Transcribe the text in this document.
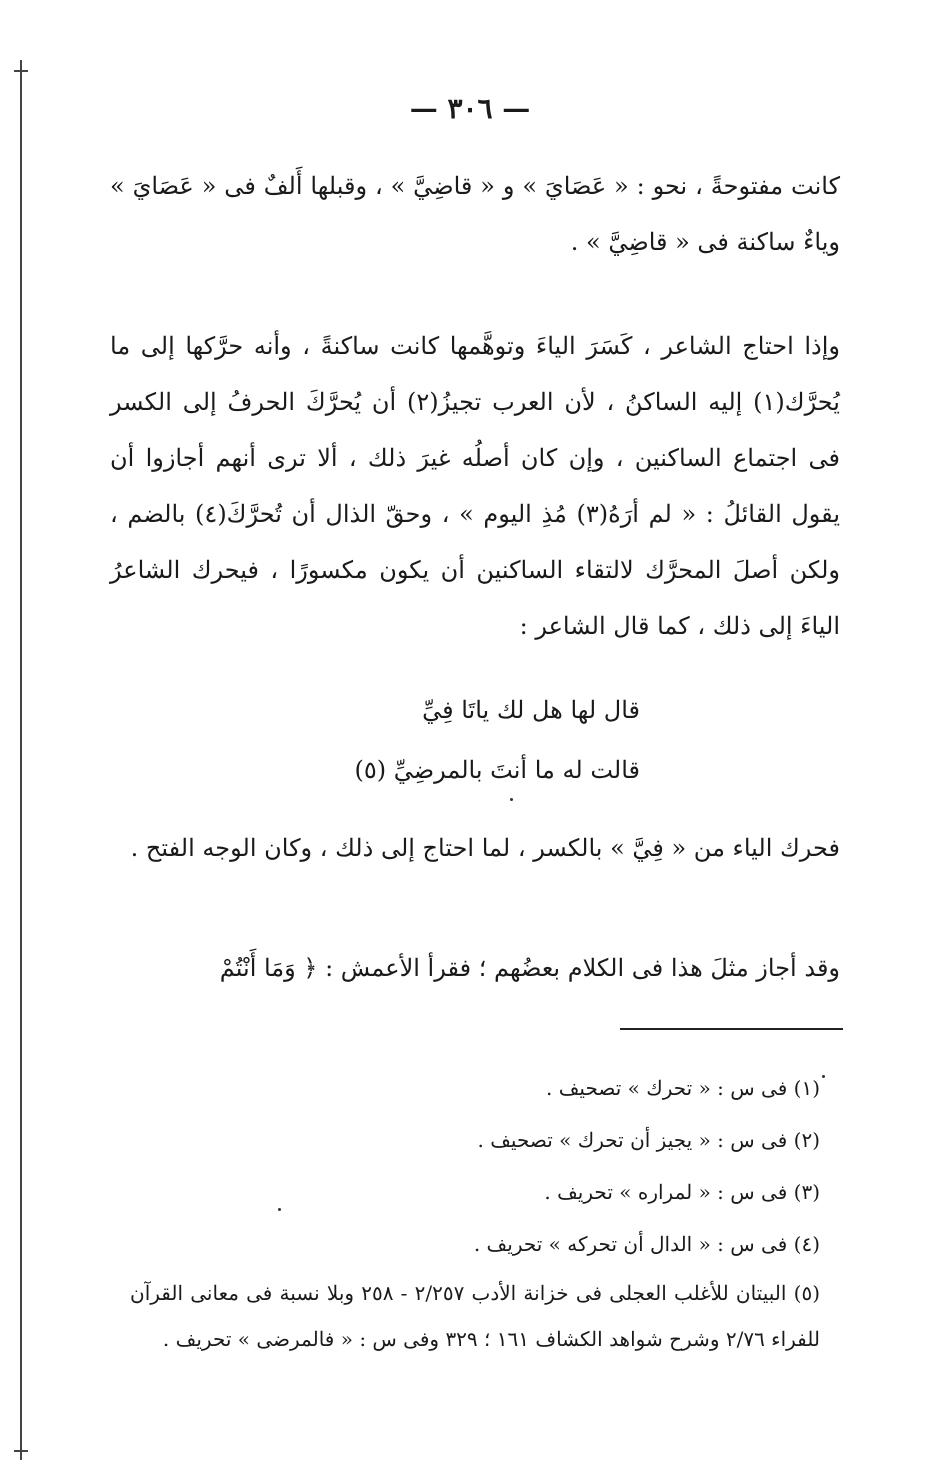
— ٣٠٦ —

كانت مفتوحةً ، نحو : « عَصَايَ » و « قاضِيَّ » ، وقبلها أَلفٌ فى « عَصَايَ » وياءٌ ساكنة فى « قاضِيَّ » .

وإذا احتاج الشاعر ، كَسَرَ الياءَ وتوهَّمها كانت ساكنةً ، وأنه حرَّكها إلى ما يُحرَّك(١) إليه الساكنُ ، لأن العرب تجيزُ(٢) أن يُحرَّكَ الحرفُ إلى الكسر فى اجتماع الساكنين ، وإن كان أصلُه غيرَ ذلك ، ألا ترى أنهم أجازوا أن يقول القائلُ : « لم أرَهُ(٣) مُذِ اليوم » ، وحقّ الذال أن تُحرَّكَ(٤) بالضم ، ولكن أصلَ المحرَّك لالتقاء الساكنين أن يكون مكسورًا ، فيحرك الشاعرُ الياءَ إلى ذلك ، كما قال الشاعر :

قال لها هل لك ياتَا فِيِّ
قالت له ما أنتَ بالمرضِيِّ (٥)

فحرك الياء من « فِيَّ » بالكسر ، لما احتاج إلى ذلك ، وكان الوجه الفتح .

وقد أجاز مثلَ هذا فى الكلام بعضُهم ؛ فقرأ الأعمش : ﴿ وَمَا أَنْتُمْ

(١) فى س : « تحرك » تصحيف .
(٢) فى س : « يجيز أن تحرك » تصحيف .
(٣) فى س : « لمراره » تحريف .
(٤) فى س : « الدال أن تحركه » تحريف .
(٥) البيتان للأغلب العجلى فى خزانة الأدب ٢/٢٥٧ - ٢٥٨ وبلا نسبة فى معانى القرآن للفراء ٢/٧٦ وشرح شواهد الكشاف ١٦١ ؛ ٣٢٩ وفى س : « فالمرضى » تحريف .
